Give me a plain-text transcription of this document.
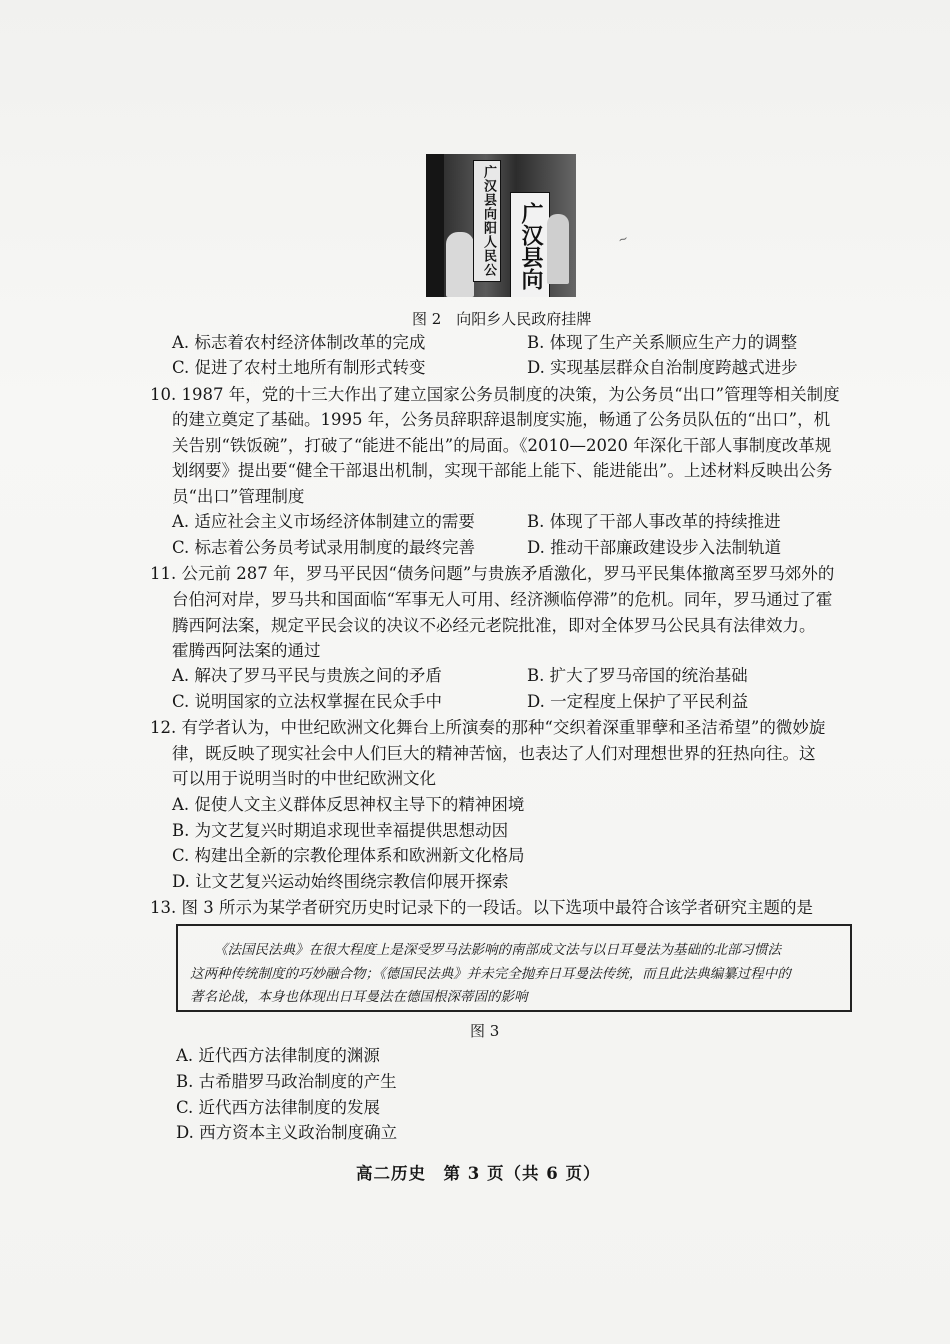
广汉县向阳人民公
广汉县向
~
图 2　向阳乡人民政府挂牌
A. 标志着农村经济体制改革的完成	B. 体现了生产关系顺应生产力的调整
C. 促进了农村土地所有制形式转变	D. 实现基层群众自治制度跨越式进步
10. 1987 年，党的十三大作出了建立国家公务员制度的决策，为公务员“出口”管理等相关制度
的建立奠定了基础。1995 年，公务员辞职辞退制度实施，畅通了公务员队伍的“出口”，机
关告别“铁饭碗”，打破了“能进不能出”的局面。《2010—2020 年深化干部人事制度改革规
划纲要》提出要“健全干部退出机制，实现干部能上能下、能进能出”。上述材料反映出公务
员“出口”管理制度
A. 适应社会主义市场经济体制建立的需要	B. 体现了干部人事改革的持续推进
C. 标志着公务员考试录用制度的最终完善	D. 推动干部廉政建设步入法制轨道
11. 公元前 287 年，罗马平民因“债务问题”与贵族矛盾激化，罗马平民集体撤离至罗马郊外的
台伯河对岸，罗马共和国面临“军事无人可用、经济濒临停滞”的危机。同年，罗马通过了霍
腾西阿法案，规定平民会议的决议不必经元老院批准，即对全体罗马公民具有法律效力。
霍腾西阿法案的通过
A. 解决了罗马平民与贵族之间的矛盾	B. 扩大了罗马帝国的统治基础
C. 说明国家的立法权掌握在民众手中	D. 一定程度上保护了平民利益
12. 有学者认为，中世纪欧洲文化舞台上所演奏的那种“交织着深重罪孽和圣洁希望”的微妙旋
律，既反映了现实社会中人们巨大的精神苦恼，也表达了人们对理想世界的狂热向往。这
可以用于说明当时的中世纪欧洲文化
A. 促使人文主义群体反思神权主导下的精神困境
B. 为文艺复兴时期追求现世幸福提供思想动因
C. 构建出全新的宗教伦理体系和欧洲新文化格局
D. 让文艺复兴运动始终围绕宗教信仰展开探索
13. 图 3 所示为某学者研究历史时记录下的一段话。以下选项中最符合该学者研究主题的是
《法国民法典》在很大程度上是深受罗马法影响的南部成文法与以日耳曼法为基础的北部习惯法
这两种传统制度的巧妙融合物；《德国民法典》并未完全抛弃日耳曼法传统，而且此法典编纂过程中的
著名论战，本身也体现出日耳曼法在德国根深蒂固的影响
图 3
A. 近代西方法律制度的渊源
B. 古希腊罗马政治制度的产生
C. 近代西方法律制度的发展
D. 西方资本主义政治制度确立
高二历史　第 3 页（共 6 页）
